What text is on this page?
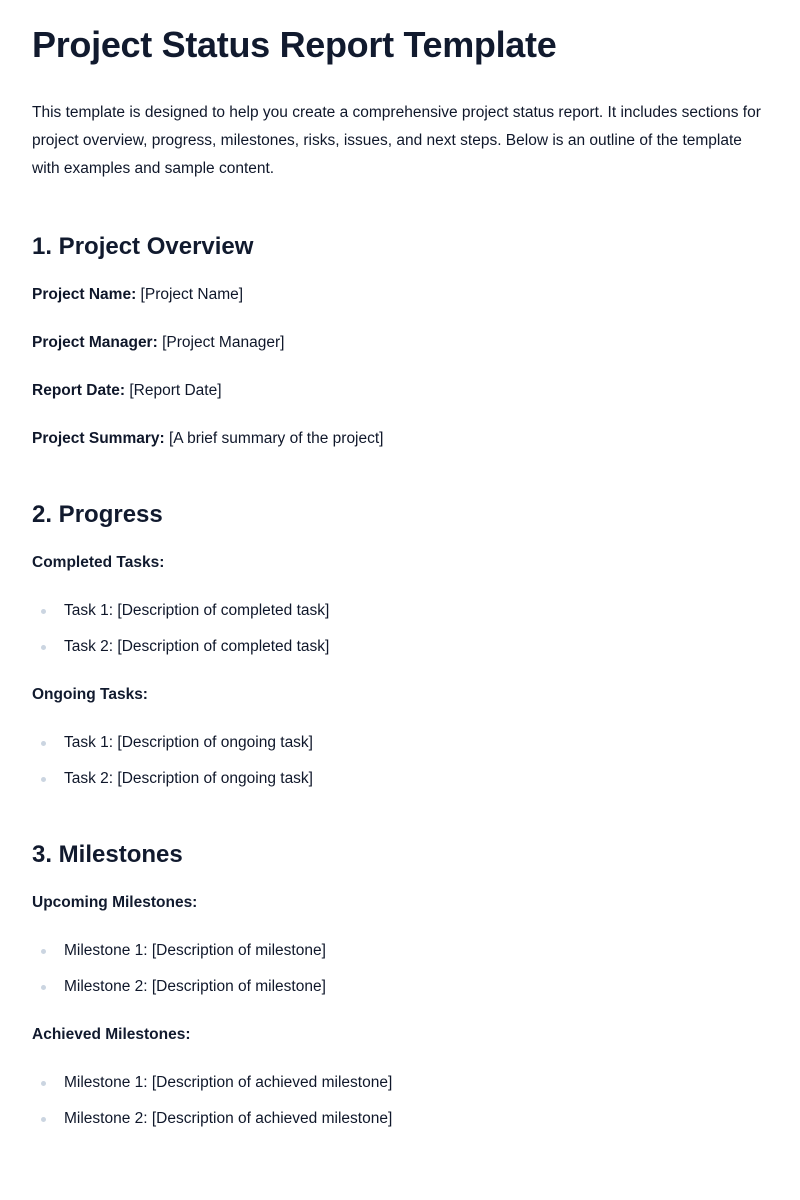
Project Status Report Template

This template is designed to help you create a comprehensive project status report. It includes sections for project overview, progress, milestones, risks, issues, and next steps. Below is an outline of the template with examples and sample content.

1. Project Overview

Project Name: [Project Name]

Project Manager: [Project Manager]

Report Date: [Report Date]

Project Summary: [A brief summary of the project]

2. Progress

Completed Tasks:

Task 1: [Description of completed task]
Task 2: [Description of completed task]

Ongoing Tasks:

Task 1: [Description of ongoing task]
Task 2: [Description of ongoing task]
3. Milestones

Upcoming Milestones:

Milestone 1: [Description of milestone]
Milestone 2: [Description of milestone]

Achieved Milestones:

Milestone 1: [Description of achieved milestone]
Milestone 2: [Description of achieved milestone]
